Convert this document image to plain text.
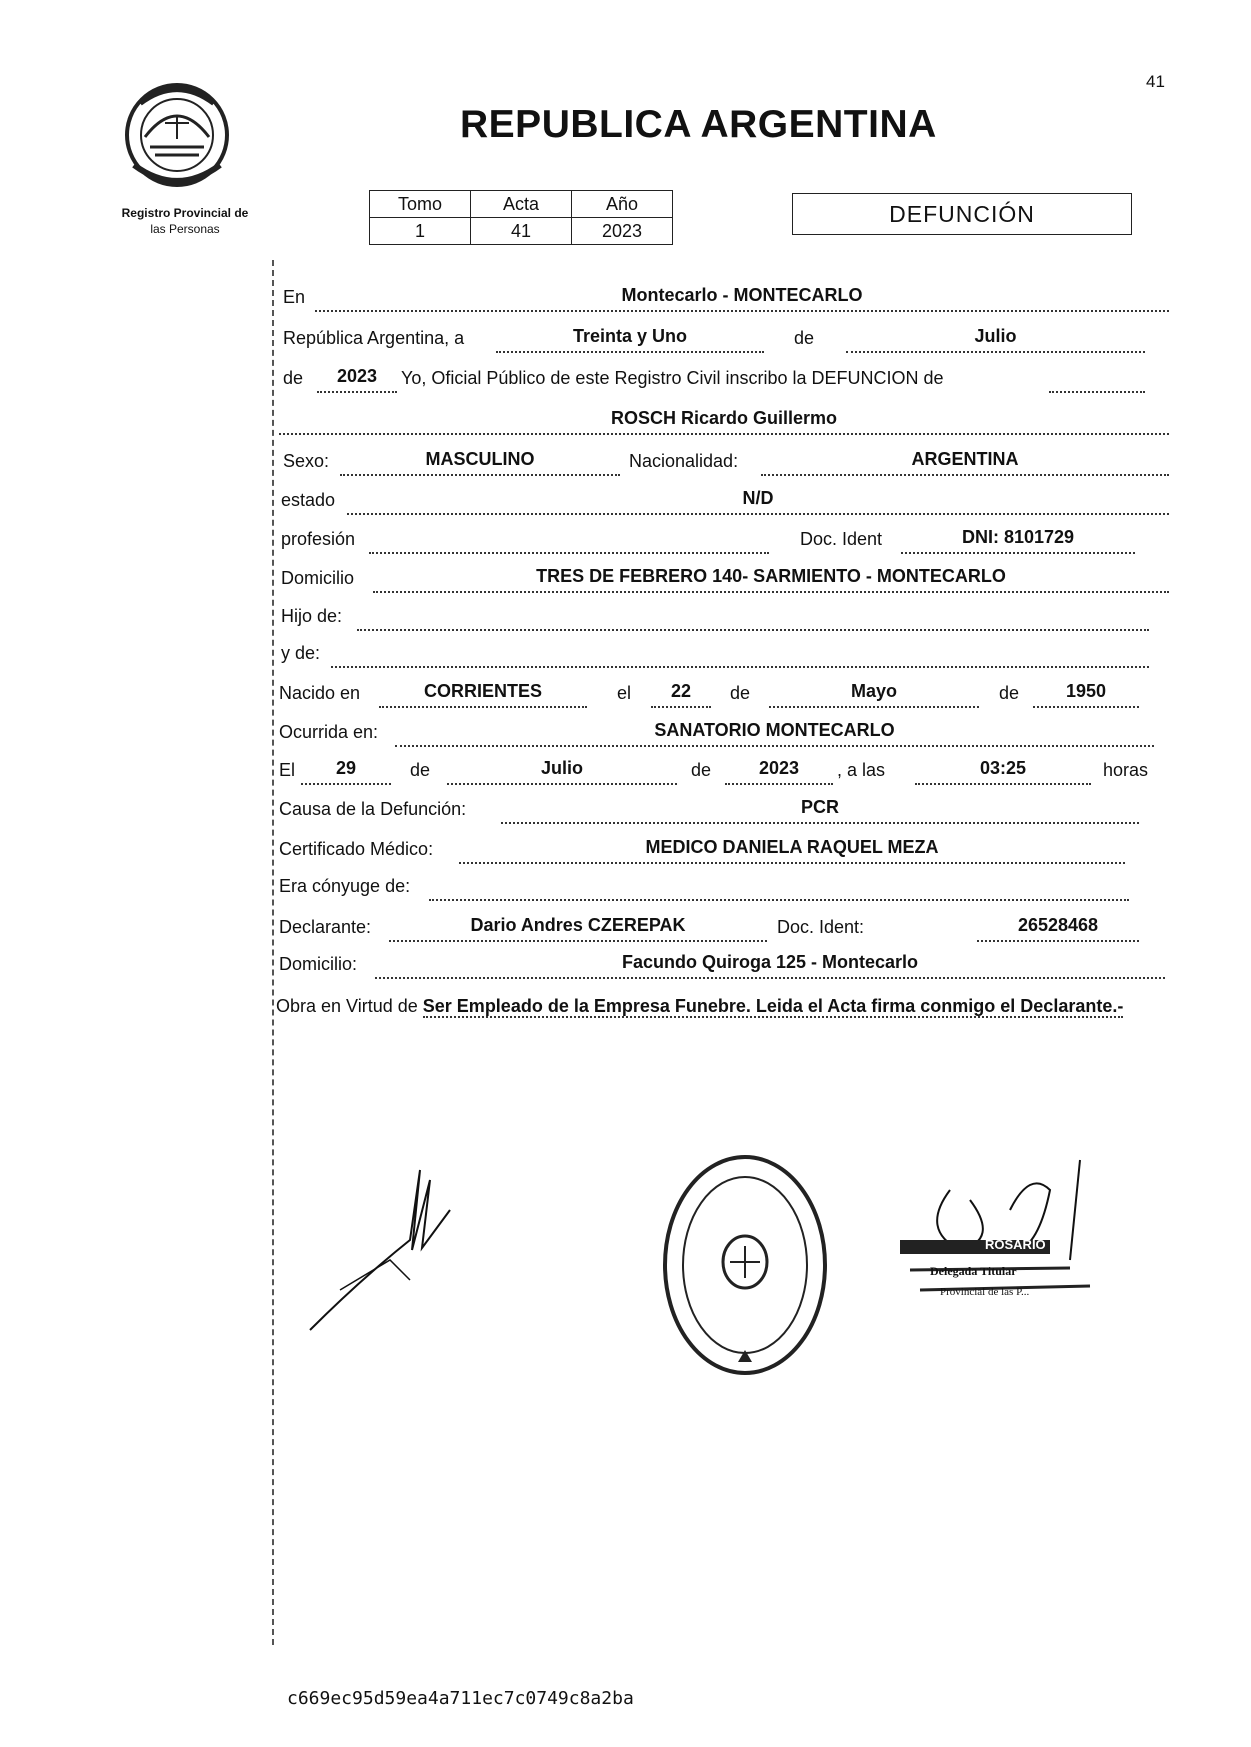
41
Registro Provincial de
las Personas
REPUBLICA ARGENTINA
Tomo	Acta	Año
1	41	2023
DEFUNCIÓN
En	Montecarlo - MONTECARLO
República Argentina, a	Treinta y Uno	de	Julio
de	2023	Yo, Oficial Público de este Registro Civil inscribo la DEFUNCION de
ROSCH Ricardo Guillermo
Sexo:	MASCULINO	Nacionalidad:	ARGENTINA
estado	N/D
profesión	Doc. Ident	DNI: 8101729
Domicilio	TRES DE FEBRERO 140- SARMIENTO - MONTECARLO
Hijo de:
y de:
Nacido en	CORRIENTES	el	22	de	Mayo	de	1950
Ocurrida en:	SANATORIO MONTECARLO
El	29	de	Julio	de	2023	, a las	03:25	horas
Causa de la Defunción:	PCR
Certificado Médico:	MEDICO DANIELA RAQUEL MEZA
Era cónyuge de:
Declarante:	Dario Andres CZEREPAK	Doc. Ident:	26528468
Domicilio:	Facundo Quiroga 125 - Montecarlo
Obra en Virtud de Ser Empleado de la Empresa Funebre. Leida el Acta firma conmigo el Declarante.-
ROSARIO
Delegada Titular
Provincial de las P...
c669ec95d59ea4a711ec7c0749c8a2ba
